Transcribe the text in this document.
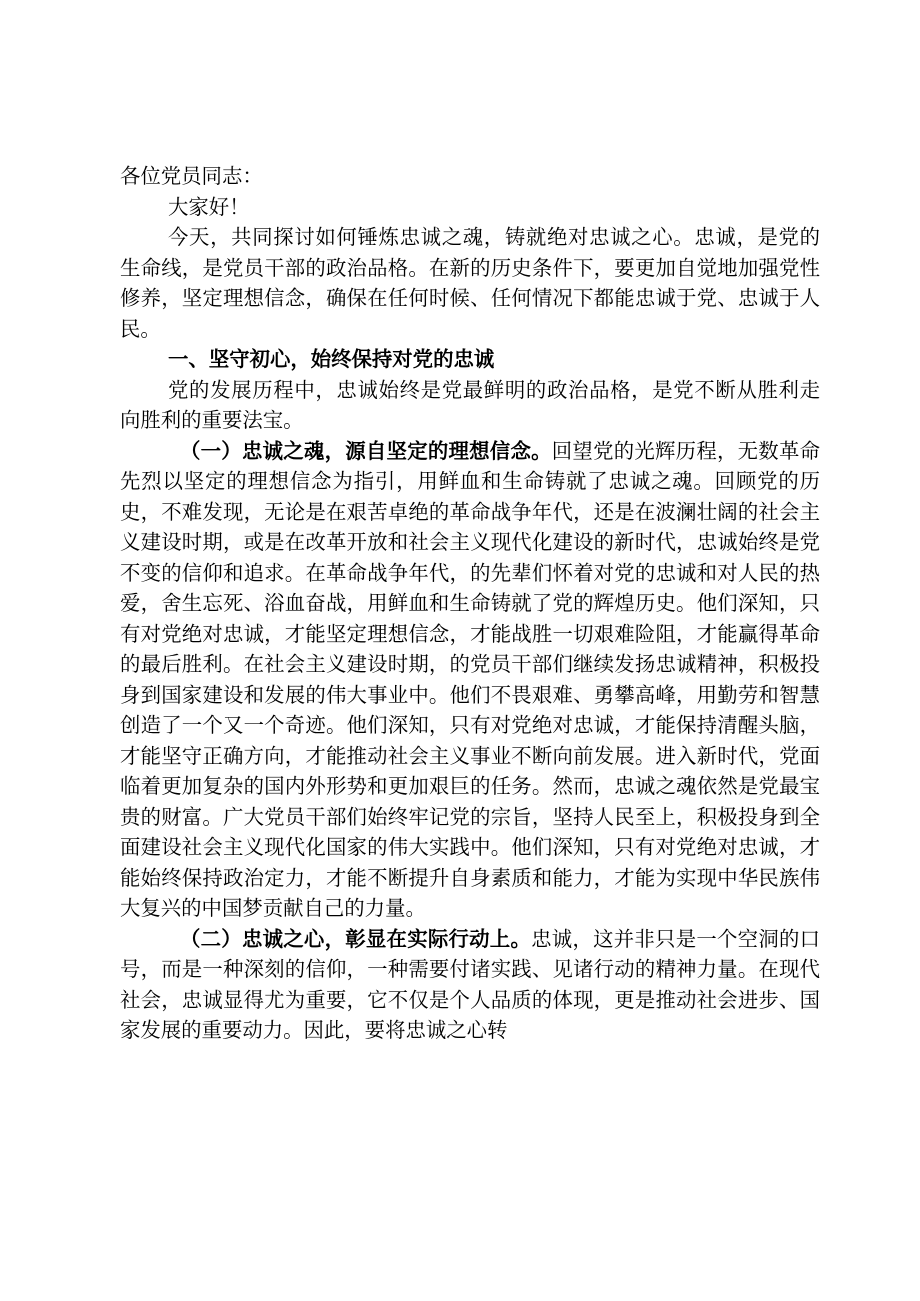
各位党员同志：

大家好！

今天，共同探讨如何锤炼忠诚之魂，铸就绝对忠诚之心。忠诚，是党的生命线，是党员干部的政治品格。在新的历史条件下，要更加自觉地加强党性修养，坚定理想信念，确保在任何时候、任何情况下都能忠诚于党、忠诚于人民。

一、坚守初心，始终保持对党的忠诚

党的发展历程中，忠诚始终是党最鲜明的政治品格，是党不断从胜利走向胜利的重要法宝。

（一）忠诚之魂，源自坚定的理想信念。回望党的光辉历程，无数革命先烈以坚定的理想信念为指引，用鲜血和生命铸就了忠诚之魂。回顾党的历史，不难发现，无论是在艰苦卓绝的革命战争年代，还是在波澜壮阔的社会主义建设时期，或是在改革开放和社会主义现代化建设的新时代，忠诚始终是党不变的信仰和追求。在革命战争年代，的先辈们怀着对党的忠诚和对人民的热爱，舍生忘死、浴血奋战，用鲜血和生命铸就了党的辉煌历史。他们深知，只有对党绝对忠诚，才能坚定理想信念，才能战胜一切艰难险阻，才能赢得革命的最后胜利。在社会主义建设时期，的党员干部们继续发扬忠诚精神，积极投身到国家建设和发展的伟大事业中。他们不畏艰难、勇攀高峰，用勤劳和智慧创造了一个又一个奇迹。他们深知，只有对党绝对忠诚，才能保持清醒头脑，才能坚守正确方向，才能推动社会主义事业不断向前发展。进入新时代，党面临着更加复杂的国内外形势和更加艰巨的任务。然而，忠诚之魂依然是党最宝贵的财富。广大党员干部们始终牢记党的宗旨，坚持人民至上，积极投身到全面建设社会主义现代化国家的伟大实践中。他们深知，只有对党绝对忠诚，才能始终保持政治定力，才能不断提升自身素质和能力，才能为实现中华民族伟大复兴的中国梦贡献自己的力量。

（二）忠诚之心，彰显在实际行动上。忠诚，这并非只是一个空洞的口号，而是一种深刻的信仰，一种需要付诸实践、见诸行动的精神力量。在现代社会，忠诚显得尤为重要，它不仅是个人品质的体现，更是推动社会进步、国家发展的重要动力。因此，要将忠诚之心转
